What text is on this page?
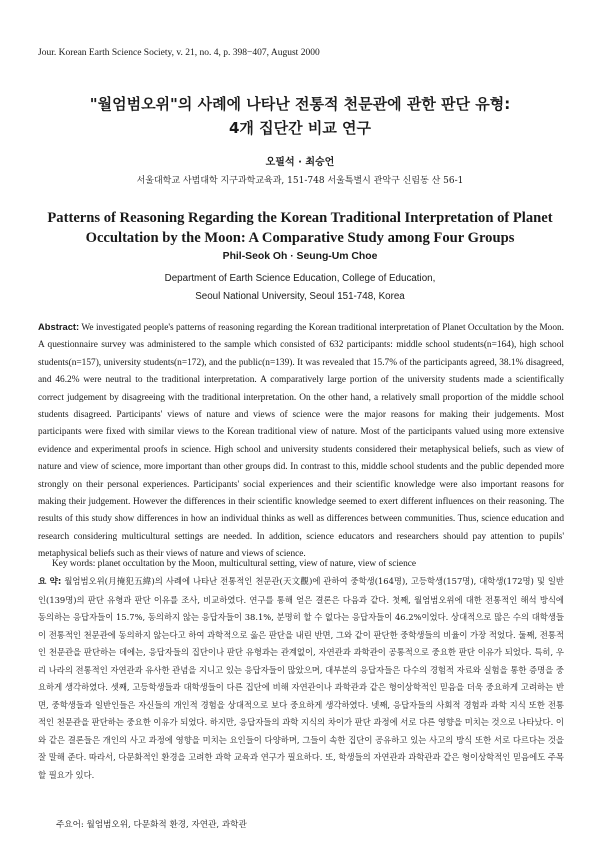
Jour. Korean Earth Science Society, v. 21, no. 4, p. 398−407, August 2000
"월엄범오위"의 사례에 나타난 전통적 천문관에 관한 판단 유형:
4개 집단간 비교 연구
오필석 · 최승언
서울대학교 사범대학 지구과학교육과, 151-748 서울특별시 관악구 신림동 산 56-1
Patterns of Reasoning Regarding the Korean Traditional Interpretation of Planet
Occultation by the Moon: A Comparative Study among Four Groups
Phil-Seok Oh · Seung-Um Choe
Department of Earth Science Education, College of Education,
Seoul National University, Seoul 151-748, Korea
Abstract: We investigated people's patterns of reasoning regarding the Korean traditional interpretation of Planet Occultation by the Moon. A questionnaire survey was administered to the sample which consisted of 632 participants: middle school students(n=164), high school students(n=157), university students(n=172), and the public(n=139). It was revealed that 15.7% of the participants agreed, 38.1% disagreed, and 46.2% were neutral to the traditional interpretation. A comparatively large portion of the university students made a scientifically correct judgement by disagreeing with the traditional interpretation. On the other hand, a relatively small proportion of the middle school students disagreed. Participants' views of nature and views of science were the major reasons for making their judgements. Most participants were fixed with similar views to the Korean traditional view of nature. Most of the participants valued using more extensive evidence and experimental proofs in science. High school and university students considered their metaphysical beliefs, such as view of nature and view of science, more important than other groups did. In contrast to this, middle school students and the public depended more strongly on their personal experiences. Participants' social experiences and their scientific knowledge were also important reasons for making their judgement. However the differences in their scientific knowledge seemed to exert different influences on their reasoning. The results of this study show differences in how an individual thinks as well as differences between communities. Thus, science education and research considering multicultural settings are needed. In addition, science educators and researchers should pay attention to pupils' metaphysical beliefs such as their views of nature and views of science.
Key words: planet occultation by the Moon, multicultural setting, view of nature, view of science
요 약: 월엄범오위(月掩犯五緯)의 사례에 나타난 전통적인 천문관(天文觀)에 관하여 중학생(164명), 고등학생(157명), 대학생(172명) 및 일반인(139명)의 판단 유형과 판단 이유를 조사, 비교하였다. 연구를 통해 얻은 결론은 다음과 같다. 첫째, 월엄범오위에 대한 전통적인 해석 방식에 동의하는 응답자들이 15.7%, 동의하지 않는 응답자들이 38.1%, 분명히 할 수 없다는 응답자들이 46.2%이었다. 상대적으로 많은 수의 대학생들이 전통적인 천문관에 동의하지 않는다고 하여 과학적으로 옳은 판단을 내린 반면, 그와 같이 판단한 중학생들의 비율이 가장 적었다. 둘째, 전통적인 천문관을 판단하는 데에는, 응답자들의 집단이나 판단 유형과는 관계없이, 자연관과 과학관이 공통적으로 중요한 판단 이유가 되었다. 특히, 우리 나라의 전통적인 자연관과 유사한 관념을 지니고 있는 응답자들이 많았으며, 대부분의 응답자들은 다수의 경험적 자료와 실험을 통한 증명을 중요하게 생각하였다. 셋째, 고등학생들과 대학생들이 다른 집단에 비해 자연관이나 과학관과 같은 형이상학적인 믿음을 더욱 중요하게 고려하는 반면, 중학생들과 일반인들은 자신들의 개인적 경험을 상대적으로 보다 중요하게 생각하였다. 넷째, 응답자들의 사회적 경험과 과학 지식 또한 전통적인 천문관을 판단하는 중요한 이유가 되었다. 하지만, 응답자들의 과학 지식의 차이가 판단 과정에 서로 다른 영향을 미치는 것으로 나타났다. 이와 같은 결론들은 개인의 사고 과정에 영향을 미치는 요인들이 다양하며, 그들이 속한 집단이 공유하고 있는 사고의 방식 또한 서로 다르다는 것을 잘 말해 준다. 따라서, 다문화적인 환경을 고려한 과학 교육과 연구가 필요하다. 또, 학생들의 자연관과 과학관과 같은 형이상학적인 믿음에도 주목할 필요가 있다.
주요어: 월엄범오위, 다문화적 환경, 자연관, 과학관
